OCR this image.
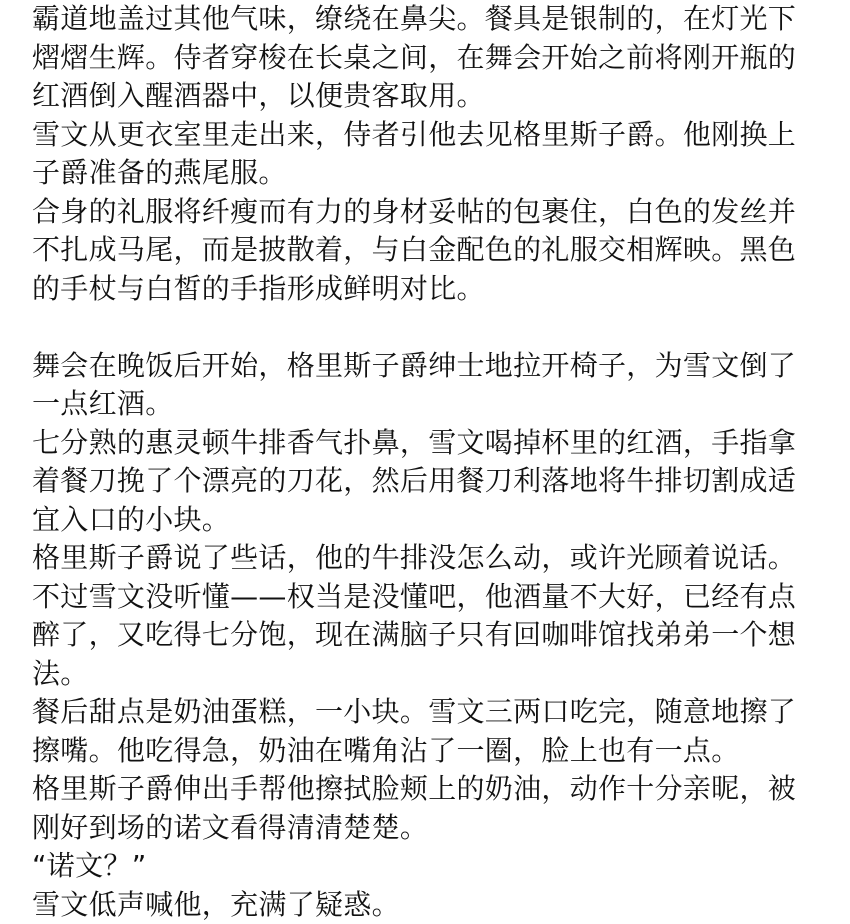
霸道地盖过其他气味，缭绕在鼻尖。餐具是银制的，在灯光下

熠熠生辉。侍者穿梭在长桌之间，在舞会开始之前将刚开瓶的

红酒倒入醒酒器中，以便贵客取用。

雪文从更衣室里走出来，侍者引他去见格里斯子爵。他刚换上

子爵准备的燕尾服。

合身的礼服将纤瘦而有力的身材妥帖的包裹住，白色的发丝并

不扎成马尾，而是披散着，与白金配色的礼服交相辉映。黑色

的手杖与白皙的手指形成鲜明对比。

舞会在晚饭后开始，格里斯子爵绅士地拉开椅子，为雪文倒了

一点红酒。

七分熟的惠灵顿牛排香气扑鼻，雪文喝掉杯里的红酒，手指拿

着餐刀挽了个漂亮的刀花，然后用餐刀利落地将牛排切割成适

宜入口的小块。

格里斯子爵说了些话，他的牛排没怎么动，或许光顾着说话。

不过雪文没听懂——权当是没懂吧，他酒量不大好，已经有点

醉了，又吃得七分饱，现在满脑子只有回咖啡馆找弟弟一个想

法。

餐后甜点是奶油蛋糕，一小块。雪文三两口吃完，随意地擦了

擦嘴。他吃得急，奶油在嘴角沾了一圈，脸上也有一点。

格里斯子爵伸出手帮他擦拭脸颊上的奶油，动作十分亲昵，被

刚好到场的诺文看得清清楚楚。

“诺文？”

雪文低声喊他，充满了疑惑。
